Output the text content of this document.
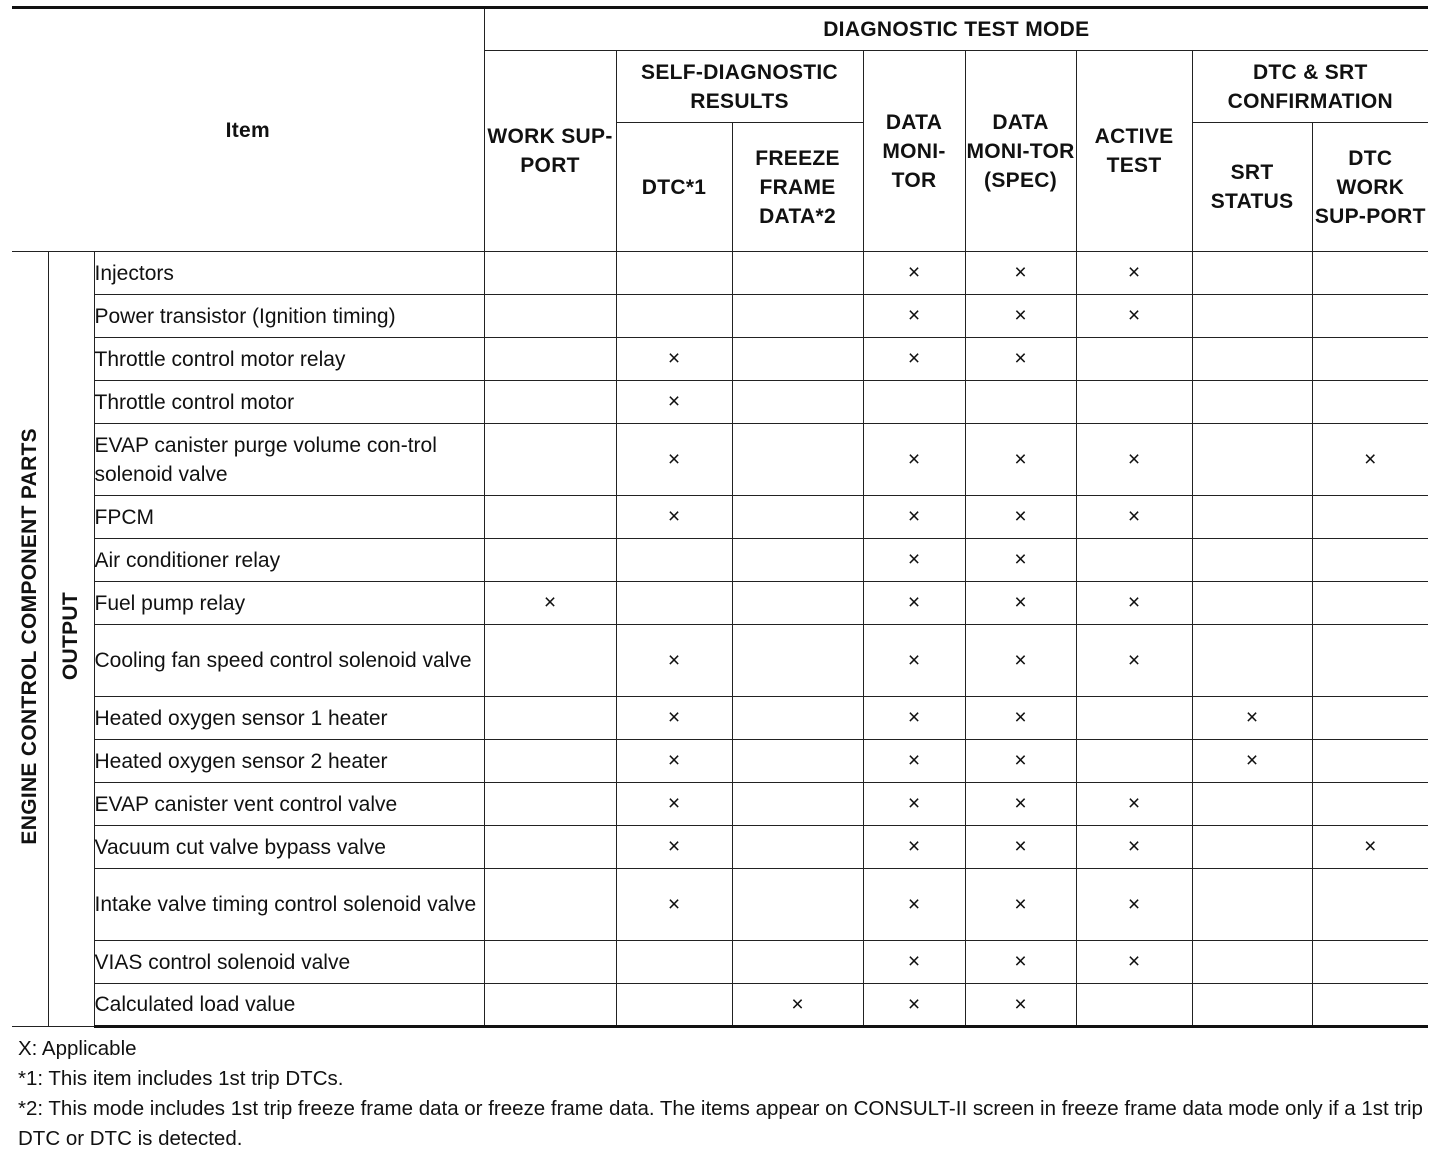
Item			DIAGNOSTIC TEST MODE							
			WORK SUP-PORT	SELF-DIAGNOSTIC RESULTS		DATA MONI-TOR	DATA MONI-TOR (SPEC)	ACTIVE TEST	DTC & SRT CONFIRMATION	
				DTC*1	FREEZE FRAME DATA*2				SRT STATUS	DTC WORK SUP-PORT
ENGINE CONTROL COMPONENT PARTS	OUTPUT	Injectors				×	×	×		
		Power transistor (Ignition timing)				×	×	×		
		Throttle control motor relay		×		×	×			
		Throttle control motor		×						
		EVAP canister purge volume con-trol solenoid valve		×		×	×	×		×
		FPCM		×		×	×	×		
		Air conditioner relay				×	×			
		Fuel pump relay	×			×	×	×		
		Cooling fan speed control solenoid valve		×		×	×	×		
		Heated oxygen sensor 1 heater		×		×	×		×	
		Heated oxygen sensor 2 heater		×		×	×		×	
		EVAP canister vent control valve		×		×	×	×		
		Vacuum cut valve bypass valve		×		×	×	×		×
		Intake valve timing control solenoid valve		×		×	×	×		
		VIAS control solenoid valve				×	×	×		
		Calculated load value			×	×	×			
X: Applicable
*1: This item includes 1st trip DTCs.
*2: This mode includes 1st trip freeze frame data or freeze frame data. The items appear on CONSULT-II screen in freeze frame data mode only if a 1st trip DTC or DTC is detected.
